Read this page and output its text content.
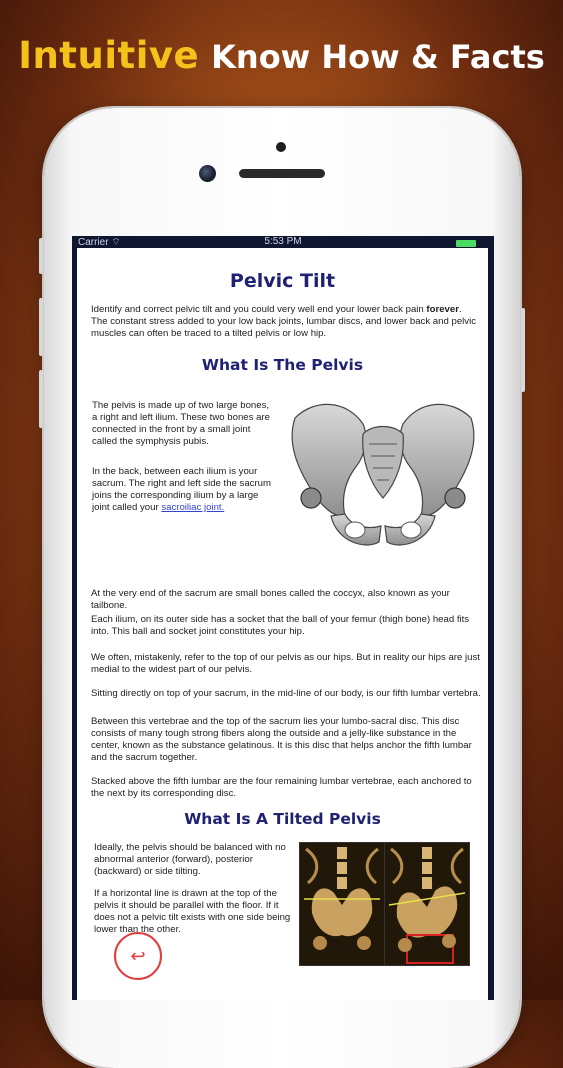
Intuitive Know How & Facts
Carrier ⌔	5:53 PM
Pelvic Tilt

Identify and correct pelvic tilt and you could very well end your lower back pain forever. The constant stress added to your low back joints, lumbar discs, and lower back and pelvic muscles can often be traced to a tilted pelvis or low hip.

What Is The Pelvis

The pelvis is made up of two large bones, a right and left ilium. These two bones are connected in the front by a small joint called the symphysis pubis.

In the back, between each ilium is your sacrum. The right and left side the sacrum joins the corresponding ilium by a large joint called your sacroiliac joint.

At the very end of the sacrum are small bones called the coccyx, also known as your tailbone.

Each ilium, on its outer side has a socket that the ball of your femur (thigh bone) head fits into. This ball and socket joint constitutes your hip.

We often, mistakenly, refer to the top of our pelvis as our hips. But in reality our hips are just medial to the widest part of our pelvis.

Sitting directly on top of your sacrum, in the mid-line of our body, is our fifth lumbar vertebra.

Between this vertebrae and the top of the sacrum lies your lumbo-sacral disc. This disc consists of many tough strong fibers along the outside and a jelly-like substance in the center, known as the substance gelatinous. It is this disc that helps anchor the fifth lumbar and the sacrum together.

Stacked above the fifth lumbar are the four remaining lumbar vertebrae, each anchored to the next by its corresponding disc.

What Is A Tilted Pelvis

Ideally, the pelvis should be balanced with no abnormal anterior (forward), posterior (backward) or side tilting.

If a horizontal line is drawn at the top of the pelvis it should be parallel with the floor. If it does not a pelvic tilt exists with one side being lower than the other.

↩
